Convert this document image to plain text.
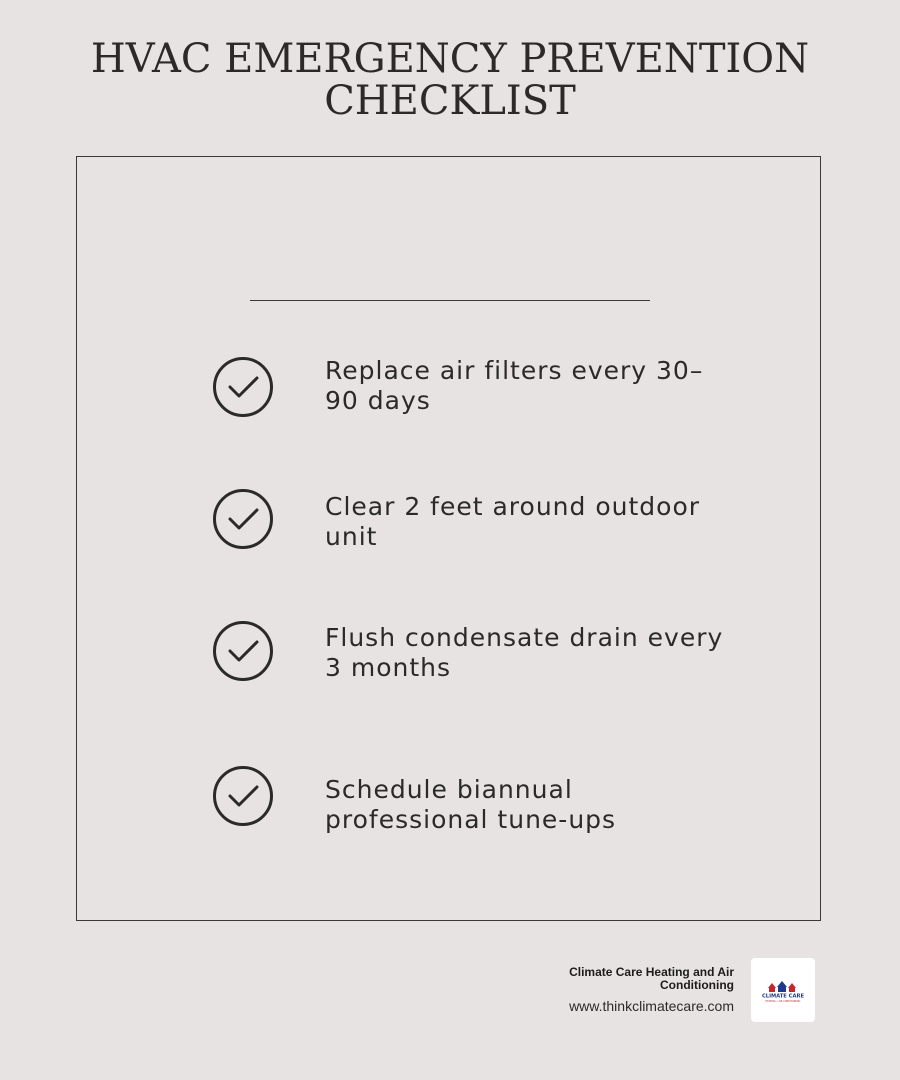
HVAC EMERGENCY PREVENTION
CHECKLIST
Replace air filters every 30–
90 days
Clear 2 feet around outdoor
unit
Flush condensate drain every
3 months
Schedule biannual
professional tune-ups
Climate Care Heating and Air
Conditioning
www.thinkclimatecare.com
CLIMATE CARE
HEATING • AIR CONDITIONING
